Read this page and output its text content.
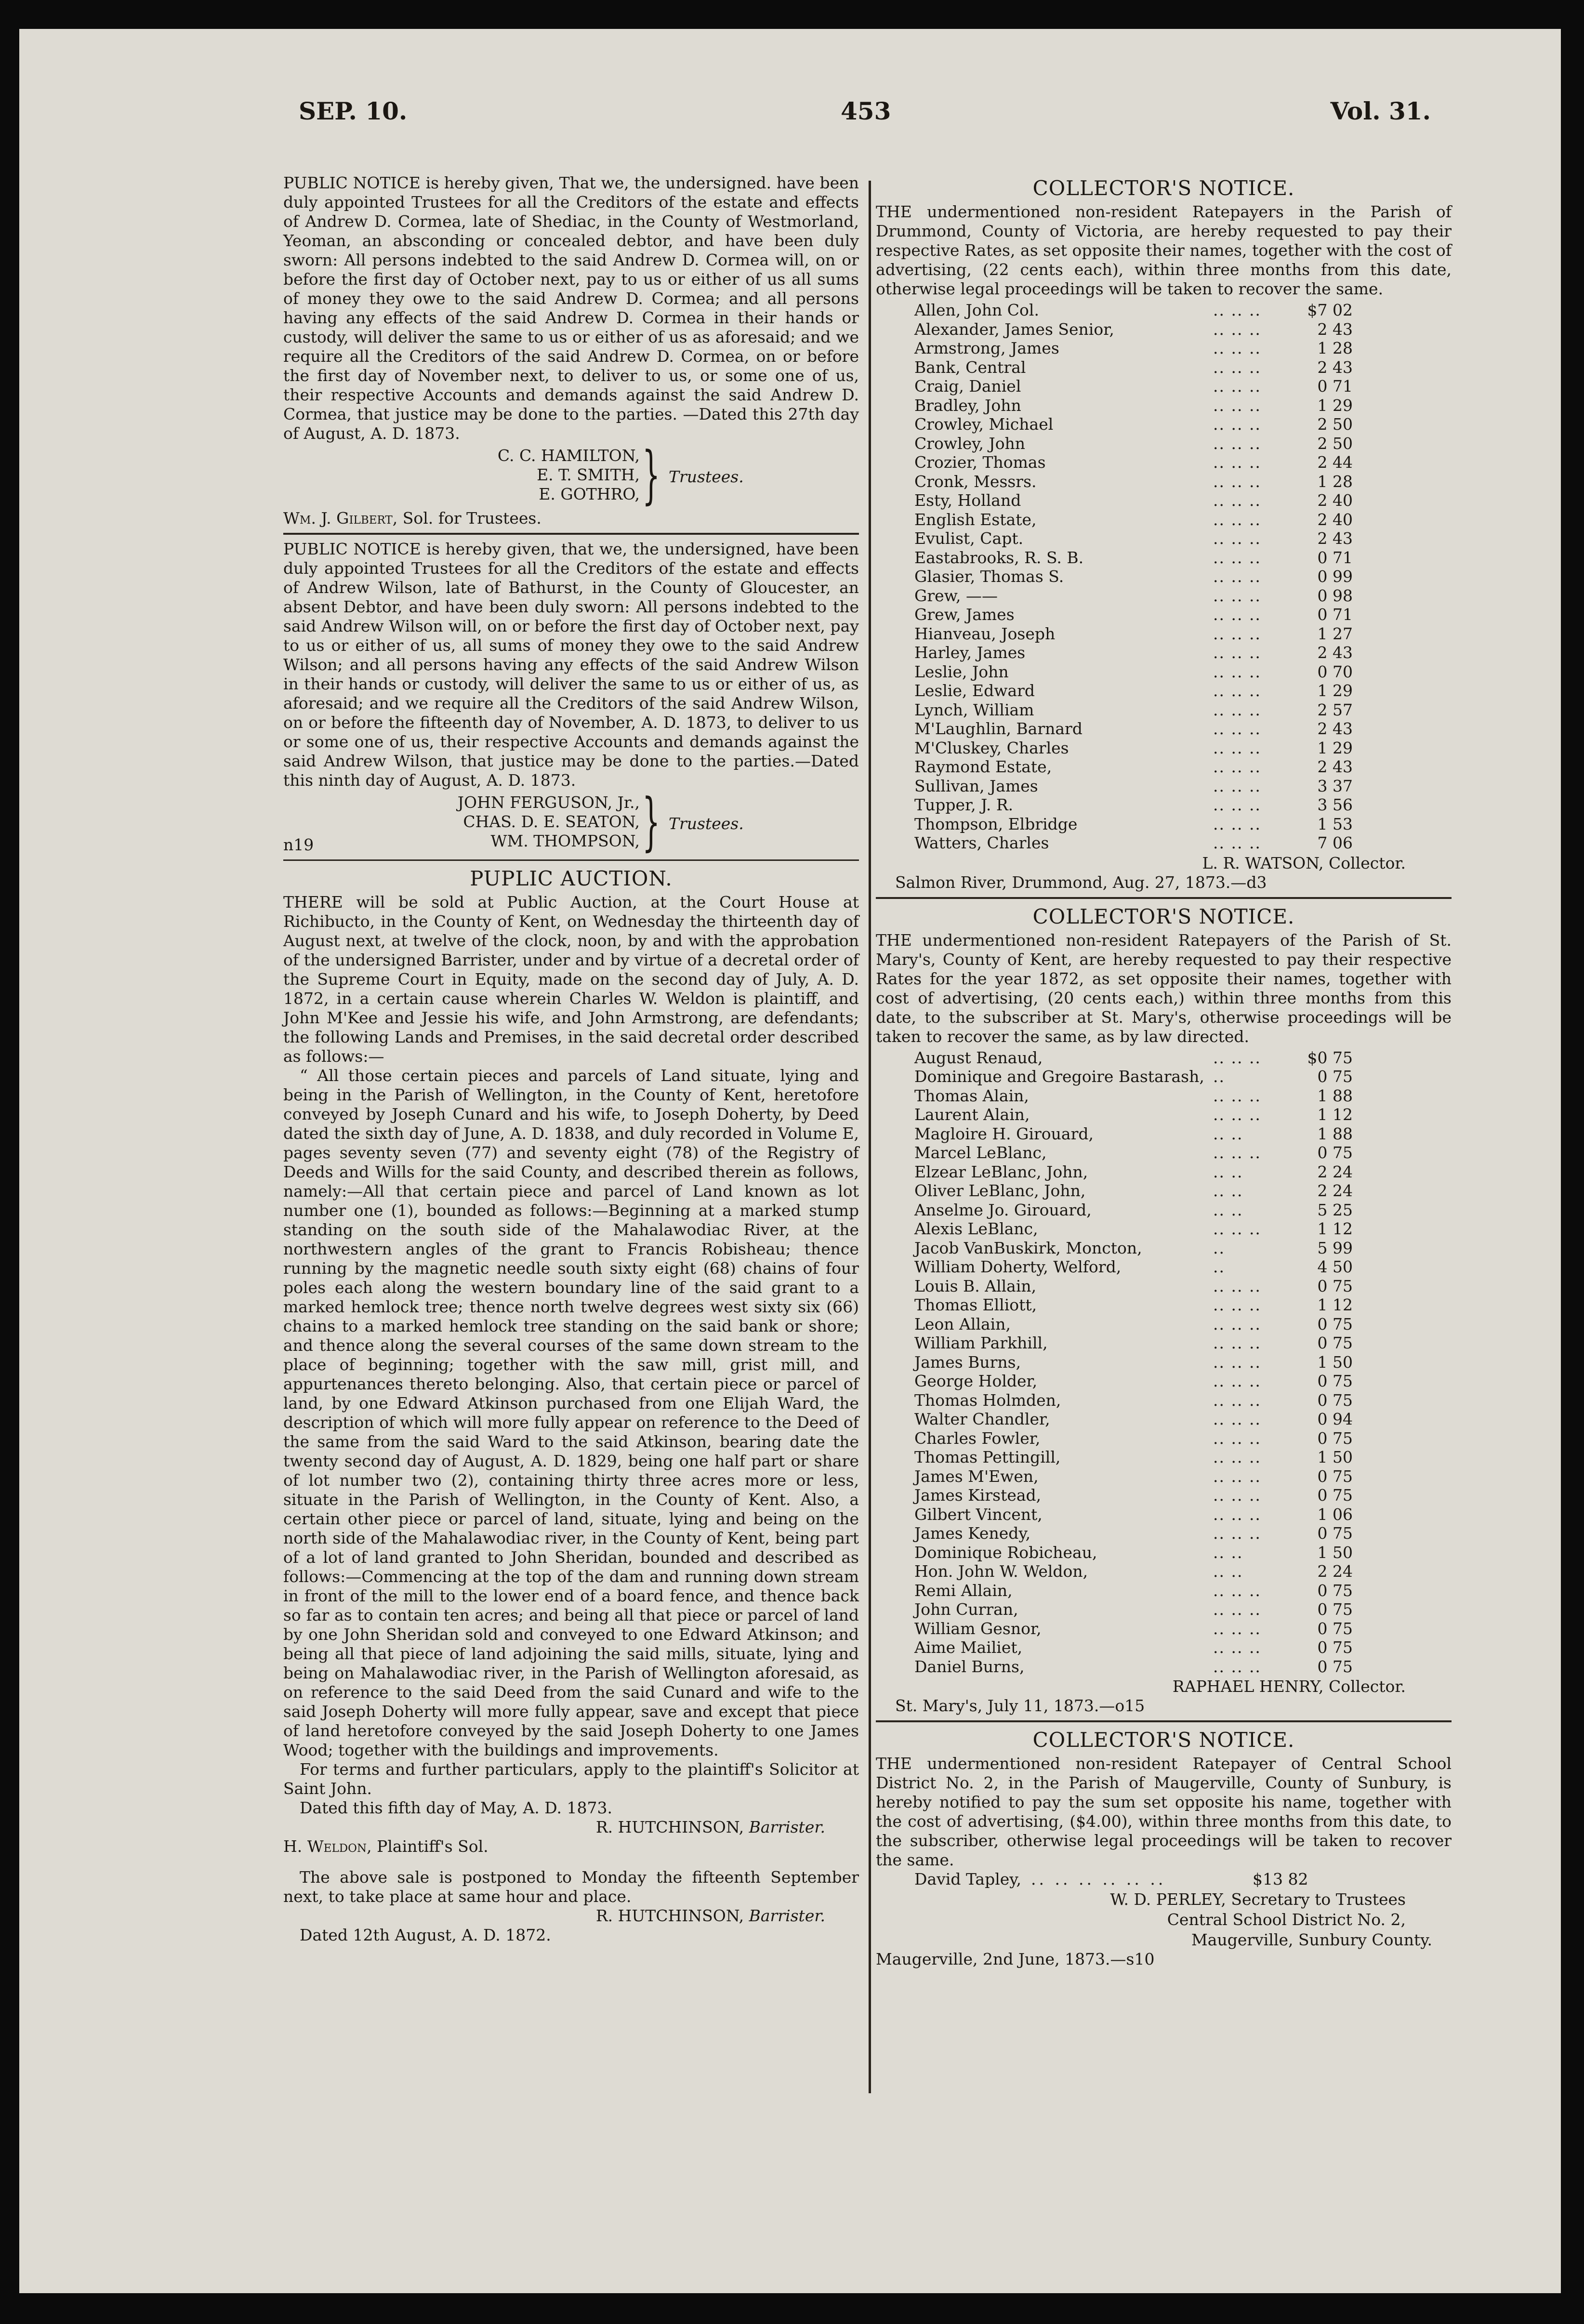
SEP. 10.	453	Vol. 31.

PUBLIC NOTICE is hereby given, That we, the undersigned. have been duly appointed Trustees for all the Creditors of the estate and effects of Andrew D. Cormea, late of Shediac, in the County of Westmorland, Yeoman, an absconding or concealed debtor, and have been duly sworn: All persons indebted to the said Andrew D. Cormea will, on or before the first day of October next, pay to us or either of us all sums of money they owe to the said Andrew D. Cormea; and all persons having any effects of the said Andrew D. Cormea in their hands or custody, will deliver the same to us or either of us as aforesaid; and we require all the Creditors of the said Andrew D. Cormea, on or before the first day of November next, to deliver to us, or some one of us, their respective Accounts and demands against the said Andrew D. Cormea, that justice may be done to the parties. —Dated this 27th day of August, A. D. 1873.

C. C. HAMILTON,
E. T. SMITH,
E. GOTHRO, } Trustees.
Wm. J. Gilbert, Sol. for Trustees.

PUBLIC NOTICE is hereby given, that we, the undersigned, have been duly appointed Trustees for all the Creditors of the estate and effects of Andrew Wilson, late of Bathurst, in the County of Gloucester, an absent Debtor, and have been duly sworn: All persons indebted to the said Andrew Wilson will, on or before the first day of October next, pay to us or either of us, all sums of money they owe to the said Andrew Wilson; and all persons having any effects of the said Andrew Wilson in their hands or custody, will deliver the same to us or either of us, as aforesaid; and we require all the Creditors of the said Andrew Wilson, on or before the fifteenth day of November, A. D. 1873, to deliver to us or some one of us, their respective Accounts and demands against the said Andrew Wilson, that justice may be done to the parties.—Dated this ninth day of August, A. D. 1873.

JOHN FERGUSON, Jr.,
CHAS. D. E. SEATON,
WM. THOMPSON, } Trustees.
n19
PUPLIC AUCTION.

THERE will be sold at Public Auction, at the Court House at Richibucto, in the County of Kent, on Wednesday the thirteenth day of August next, at twelve of the clock, noon, by and with the approbation of the undersigned Barrister, under and by virtue of a decretal order of the Supreme Court in Equity, made on the second day of July, A. D. 1872, in a certain cause wherein Charles W. Weldon is plaintiff, and John M'Kee and Jessie his wife, and John Armstrong, are defendants; the following Lands and Premises, in the said decretal order described as follows:—

“ All those certain pieces and parcels of Land situate, lying and being in the Parish of Wellington, in the County of Kent, heretofore conveyed by Joseph Cunard and his wife, to Joseph Doherty, by Deed dated the sixth day of June, A. D. 1838, and duly recorded in Volume E, pages seventy seven (77) and seventy eight (78) of the Registry of Deeds and Wills for the said County, and described therein as follows, namely:—All that certain piece and parcel of Land known as lot number one (1), bounded as follows:—Beginning at a marked stump standing on the south side of the Mahalawodiac River, at the northwestern angles of the grant to Francis Robisheau; thence running by the magnetic needle south sixty eight (68) chains of four poles each along the western boundary line of the said grant to a marked hemlock tree; thence north twelve degrees west sixty six (66) chains to a marked hemlock tree standing on the said bank or shore; and thence along the several courses of the same down stream to the place of beginning; together with the saw mill, grist mill, and appurtenances thereto belonging. Also, that certain piece or parcel of land, by one Edward Atkinson purchased from one Elijah Ward, the description of which will more fully appear on reference to the Deed of the same from the said Ward to the said Atkinson, bearing date the twenty second day of August, A. D. 1829, being one half part or share of lot number two (2), containing thirty three acres more or less, situate in the Parish of Wellington, in the County of Kent. Also, a certain other piece or parcel of land, situate, lying and being on the north side of the Mahalawodiac river, in the County of Kent, being part of a lot of land granted to John Sheridan, bounded and described as follows:—Commencing at the top of the dam and running down stream in front of the mill to the lower end of a board fence, and thence back so far as to contain ten acres; and being all that piece or parcel of land by one John Sheridan sold and conveyed to one Edward Atkinson; and being all that piece of land adjoining the said mills, situate, lying and being on Mahalawodiac river, in the Parish of Wellington aforesaid, as on reference to the said Deed from the said Cunard and wife to the said Joseph Doherty will more fully appear, save and except that piece of land heretofore conveyed by the said Joseph Doherty to one James Wood; together with the buildings and improvements.

For terms and further particulars, apply to the plaintiff's Solicitor at Saint John.

Dated this fifth day of May, A. D. 1873.

R. HUTCHINSON, Barrister.
H. Weldon, Plaintiff's Sol.

The above sale is postponed to Monday the fifteenth September next, to take place at same hour and place.

R. HUTCHINSON, Barrister.

Dated 12th August, A. D. 1872.

COLLECTOR'S NOTICE.

THE undermentioned non-resident Ratepayers in the Parish of Drummond, County of Victoria, are hereby requested to pay their respective Rates, as set opposite their names, together with the cost of advertising, (22 cents each), within three months from this date, otherwise legal proceedings will be taken to recover the same.

Allen, John Col.	.. .. ..	$7 02
Alexander, James Senior,	.. .. ..	2 43
Armstrong, James	.. .. ..	1 28
Bank, Central	.. .. ..	2 43
Craig, Daniel	.. .. ..	0 71
Bradley, John	.. .. ..	1 29
Crowley, Michael	.. .. ..	2 50
Crowley, John	.. .. ..	2 50
Crozier, Thomas	.. .. ..	2 44
Cronk, Messrs.	.. .. ..	1 28
Esty, Holland	.. .. ..	2 40
English Estate,	.. .. ..	2 40
Evulist, Capt.	.. .. ..	2 43
Eastabrooks, R. S. B.	.. .. ..	0 71
Glasier, Thomas S.	.. .. ..	0 99
Grew, ——	.. .. ..	0 98
Grew, James	.. .. ..	0 71
Hianveau, Joseph	.. .. ..	1 27
Harley, James	.. .. ..	2 43
Leslie, John	.. .. ..	0 70
Leslie, Edward	.. .. ..	1 29
Lynch, William	.. .. ..	2 57
M'Laughlin, Barnard	.. .. ..	2 43
M'Cluskey, Charles	.. .. ..	1 29
Raymond Estate,	.. .. ..	2 43
Sullivan, James	.. .. ..	3 37
Tupper, J. R.	.. .. ..	3 56
Thompson, Elbridge	.. .. ..	1 53
Watters, Charles	.. .. ..	7 06
L. R. WATSON, Collector.
Salmon River, Drummond, Aug. 27, 1873.—d3
COLLECTOR'S NOTICE.

THE undermentioned non-resident Ratepayers of the Parish of St. Mary's, County of Kent, are hereby requested to pay their respective Rates for the year 1872, as set opposite their names, together with cost of advertising, (20 cents each,) within three months from this date, to the subscriber at St. Mary's, otherwise proceedings will be taken to recover the same, as by law directed.

August Renaud,	.. .. ..	$0 75
Dominique and Gregoire Bastarash,	..	0 75
Thomas Alain,	.. .. ..	1 88
Laurent Alain,	.. .. ..	1 12
Magloire H. Girouard,	.. ..	1 88
Marcel LeBlanc,	.. .. ..	0 75
Elzear LeBlanc, John,	.. ..	2 24
Oliver LeBlanc, John,	.. ..	2 24
Anselme Jo. Girouard,	.. ..	5 25
Alexis LeBlanc,	.. .. ..	1 12
Jacob VanBuskirk, Moncton,	..	5 99
William Doherty, Welford,	..	4 50
Louis B. Allain,	.. .. ..	0 75
Thomas Elliott,	.. .. ..	1 12
Leon Allain,	.. .. ..	0 75
William Parkhill,	.. .. ..	0 75
James Burns,	.. .. ..	1 50
George Holder,	.. .. ..	0 75
Thomas Holmden,	.. .. ..	0 75
Walter Chandler,	.. .. ..	0 94
Charles Fowler,	.. .. ..	0 75
Thomas Pettingill,	.. .. ..	1 50
James M'Ewen,	.. .. ..	0 75
James Kirstead,	.. .. ..	0 75
Gilbert Vincent,	.. .. ..	1 06
James Kenedy,	.. .. ..	0 75
Dominique Robicheau,	.. ..	1 50
Hon. John W. Weldon,	.. ..	2 24
Remi Allain,	.. .. ..	0 75
John Curran,	.. .. ..	0 75
William Gesnor,	.. .. ..	0 75
Aime Mailiet,	.. .. ..	0 75
Daniel Burns,	.. .. ..	0 75
RAPHAEL HENRY, Collector.
St. Mary's, July 11, 1873.—o15
COLLECTOR'S NOTICE.

THE undermentioned non-resident Ratepayer of Central School District No. 2, in the Parish of Maugerville, County of Sunbury, is hereby notified to pay the sum set opposite his name, together with the cost of advertising, ($4.00), within three months from this date, to the subscriber, otherwise legal proceedings will be taken to recover the same.

David Tapley, .. .. .. .. .. ..	$13 82
W. D. PERLEY, Secretary to Trustees
Central School District No. 2,
Maugerville, Sunbury County.
Maugerville, 2nd June, 1873.—s10
